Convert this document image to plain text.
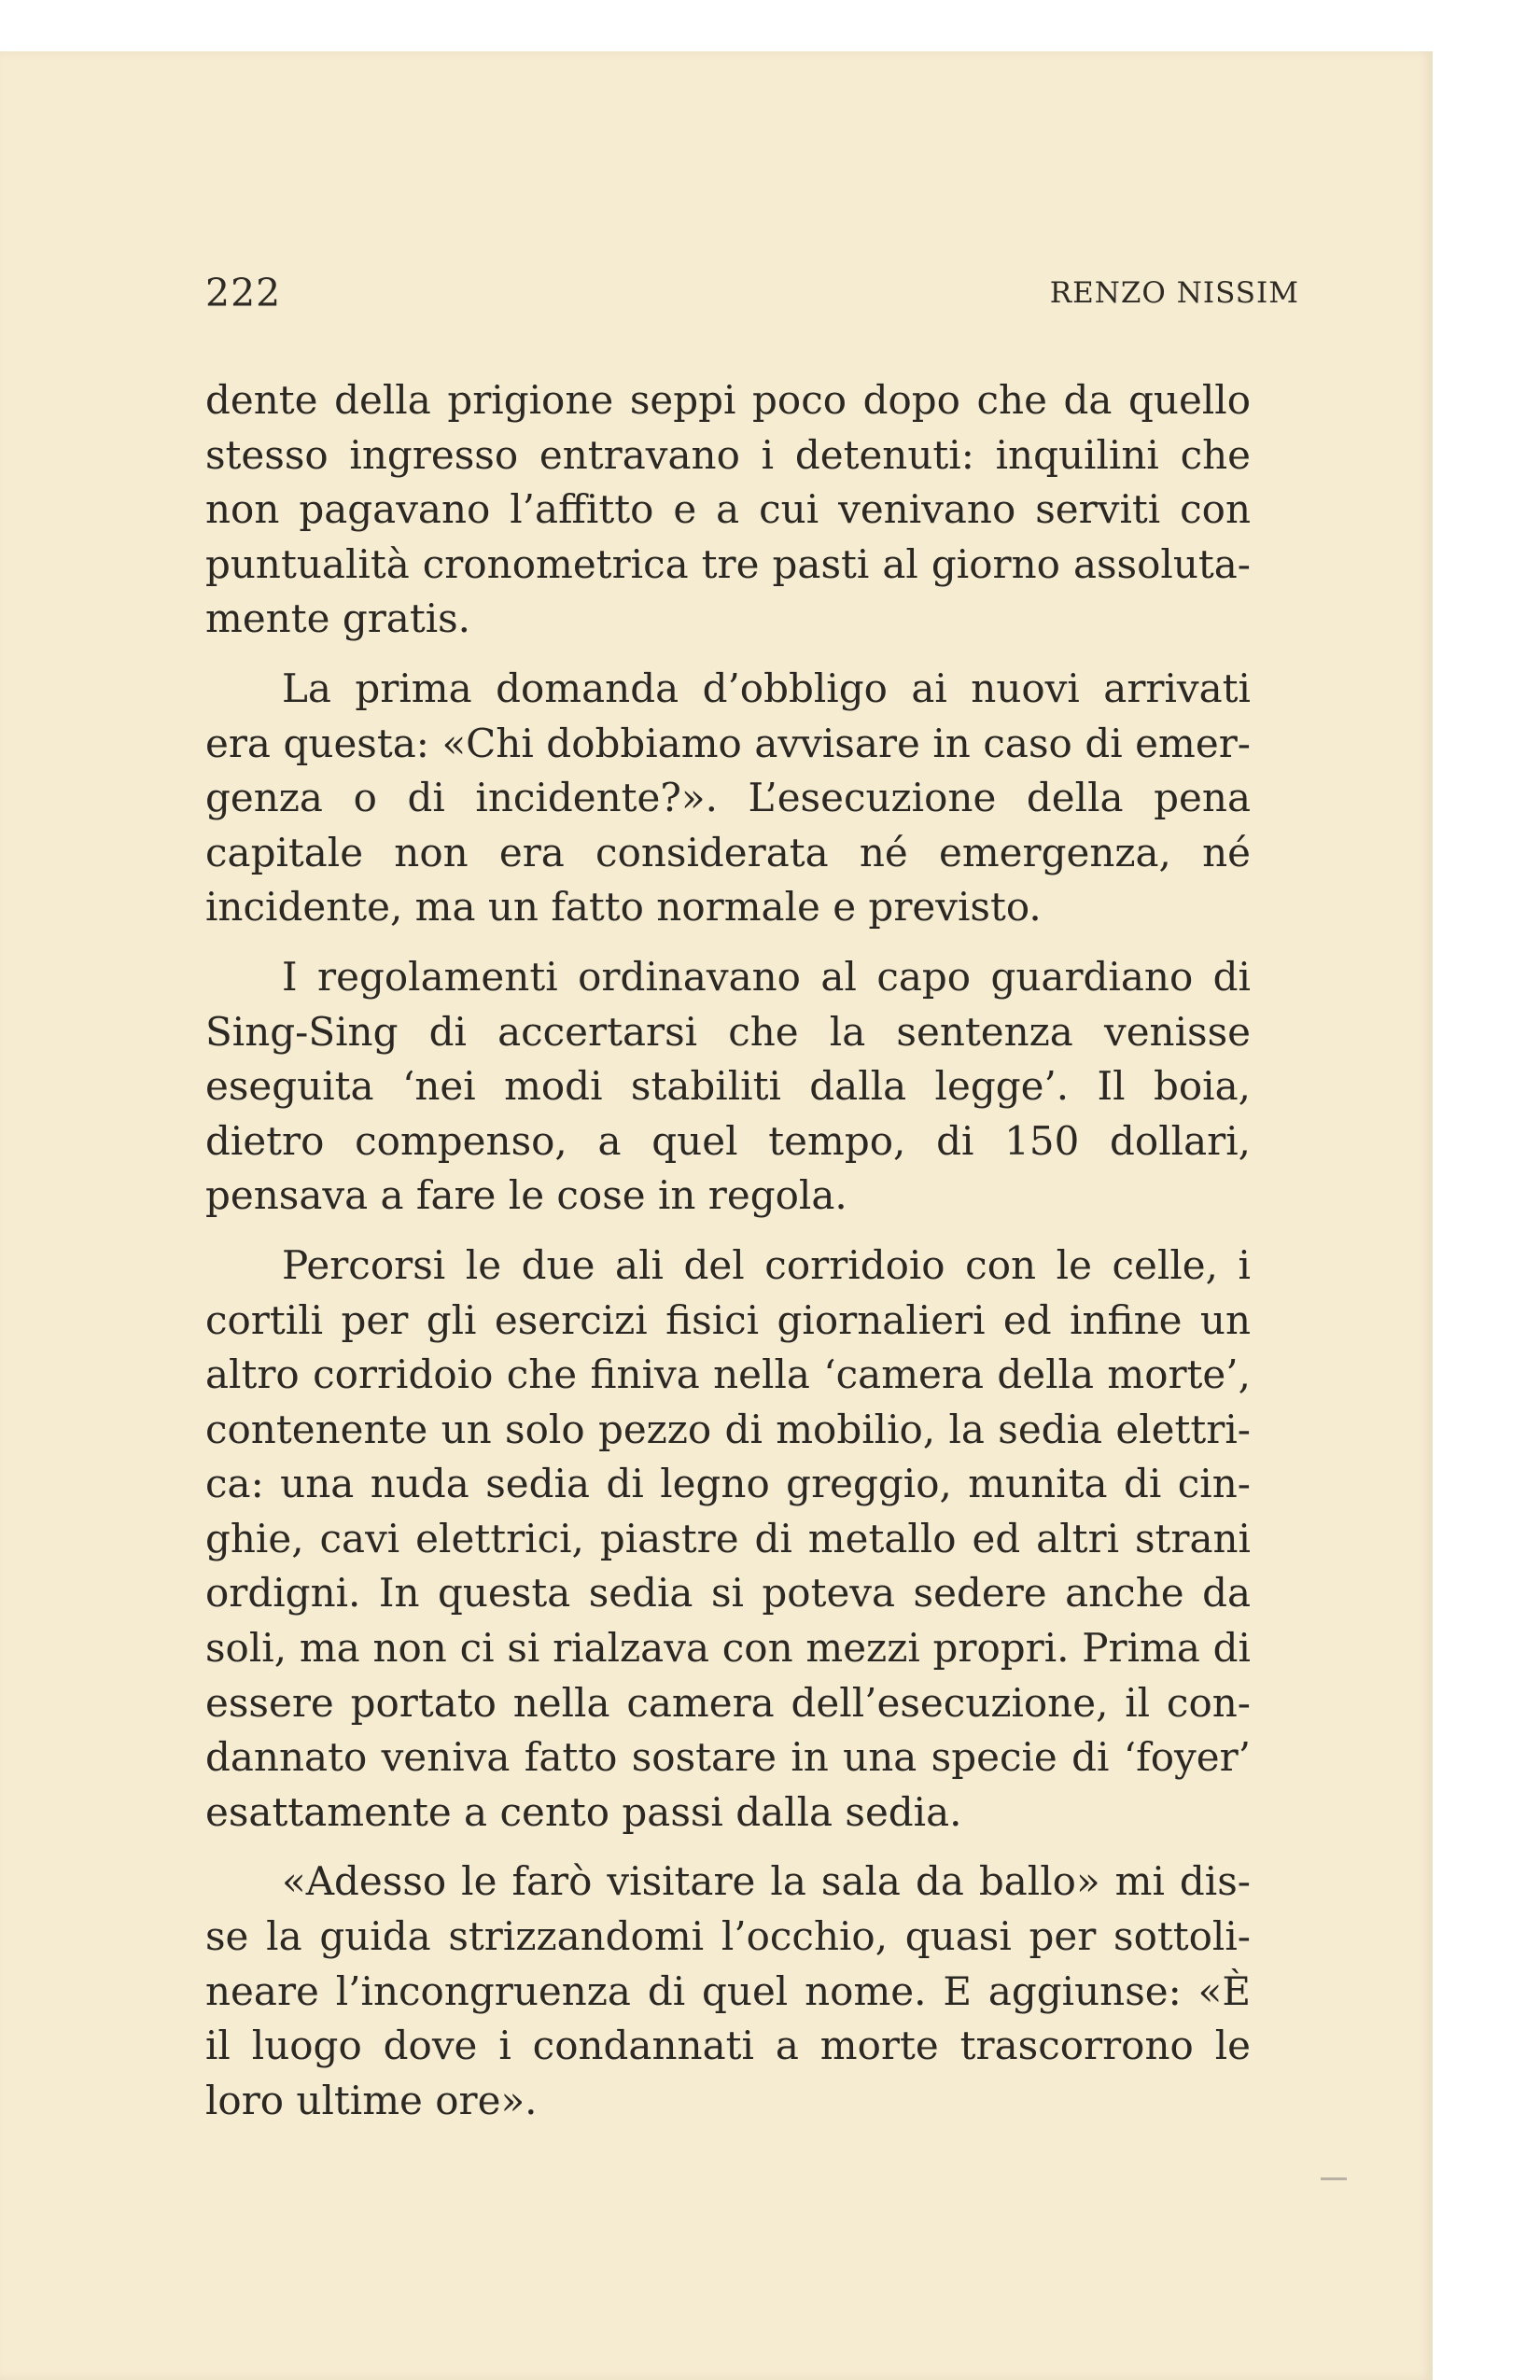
222	RENZO NISSIM

dente della prigione seppi poco dopo che da quello stesso ingresso entravano i detenuti: inquilini che non pagavano l’affitto e a cui venivano serviti con puntualità cronometrica tre pasti al giorno assolutamente gratis.

La prima domanda d’obbligo ai nuovi arrivati era questa: «Chi dobbiamo avvisare in caso di emergenza o di incidente?». L’esecuzione della pena capitale non era considerata né emergenza, né incidente, ma un fatto normale e previsto.

I regolamenti ordinavano al capo guardiano di Sing-Sing di accertarsi che la sentenza venisse eseguita ‘nei modi stabiliti dalla legge’. Il boia, dietro compenso, a quel tempo, di 150 dollari, pensava a fare le cose in regola.

Percorsi le due ali del corridoio con le celle, i cortili per gli esercizi fisici giornalieri ed infine un altro corridoio che finiva nella ‘camera della morte’, contenente un solo pezzo di mobilio, la sedia elettrica: una nuda sedia di legno greggio, munita di cinghie, cavi elettrici, piastre di metallo ed altri strani ordigni. In questa sedia si poteva sedere anche da soli, ma non ci si rialzava con mezzi propri. Prima di essere portato nella camera dell’esecuzione, il condannato veniva fatto sostare in una specie di ‘foyer’ esattamente a cento passi dalla sedia.

«Adesso le farò visitare la sala da ballo» mi disse la guida strizzandomi l’occhio, quasi per sottolineare l’incongruenza di quel nome. E aggiunse: «È il luogo dove i condannati a morte trascorrono le loro ultime ore».
